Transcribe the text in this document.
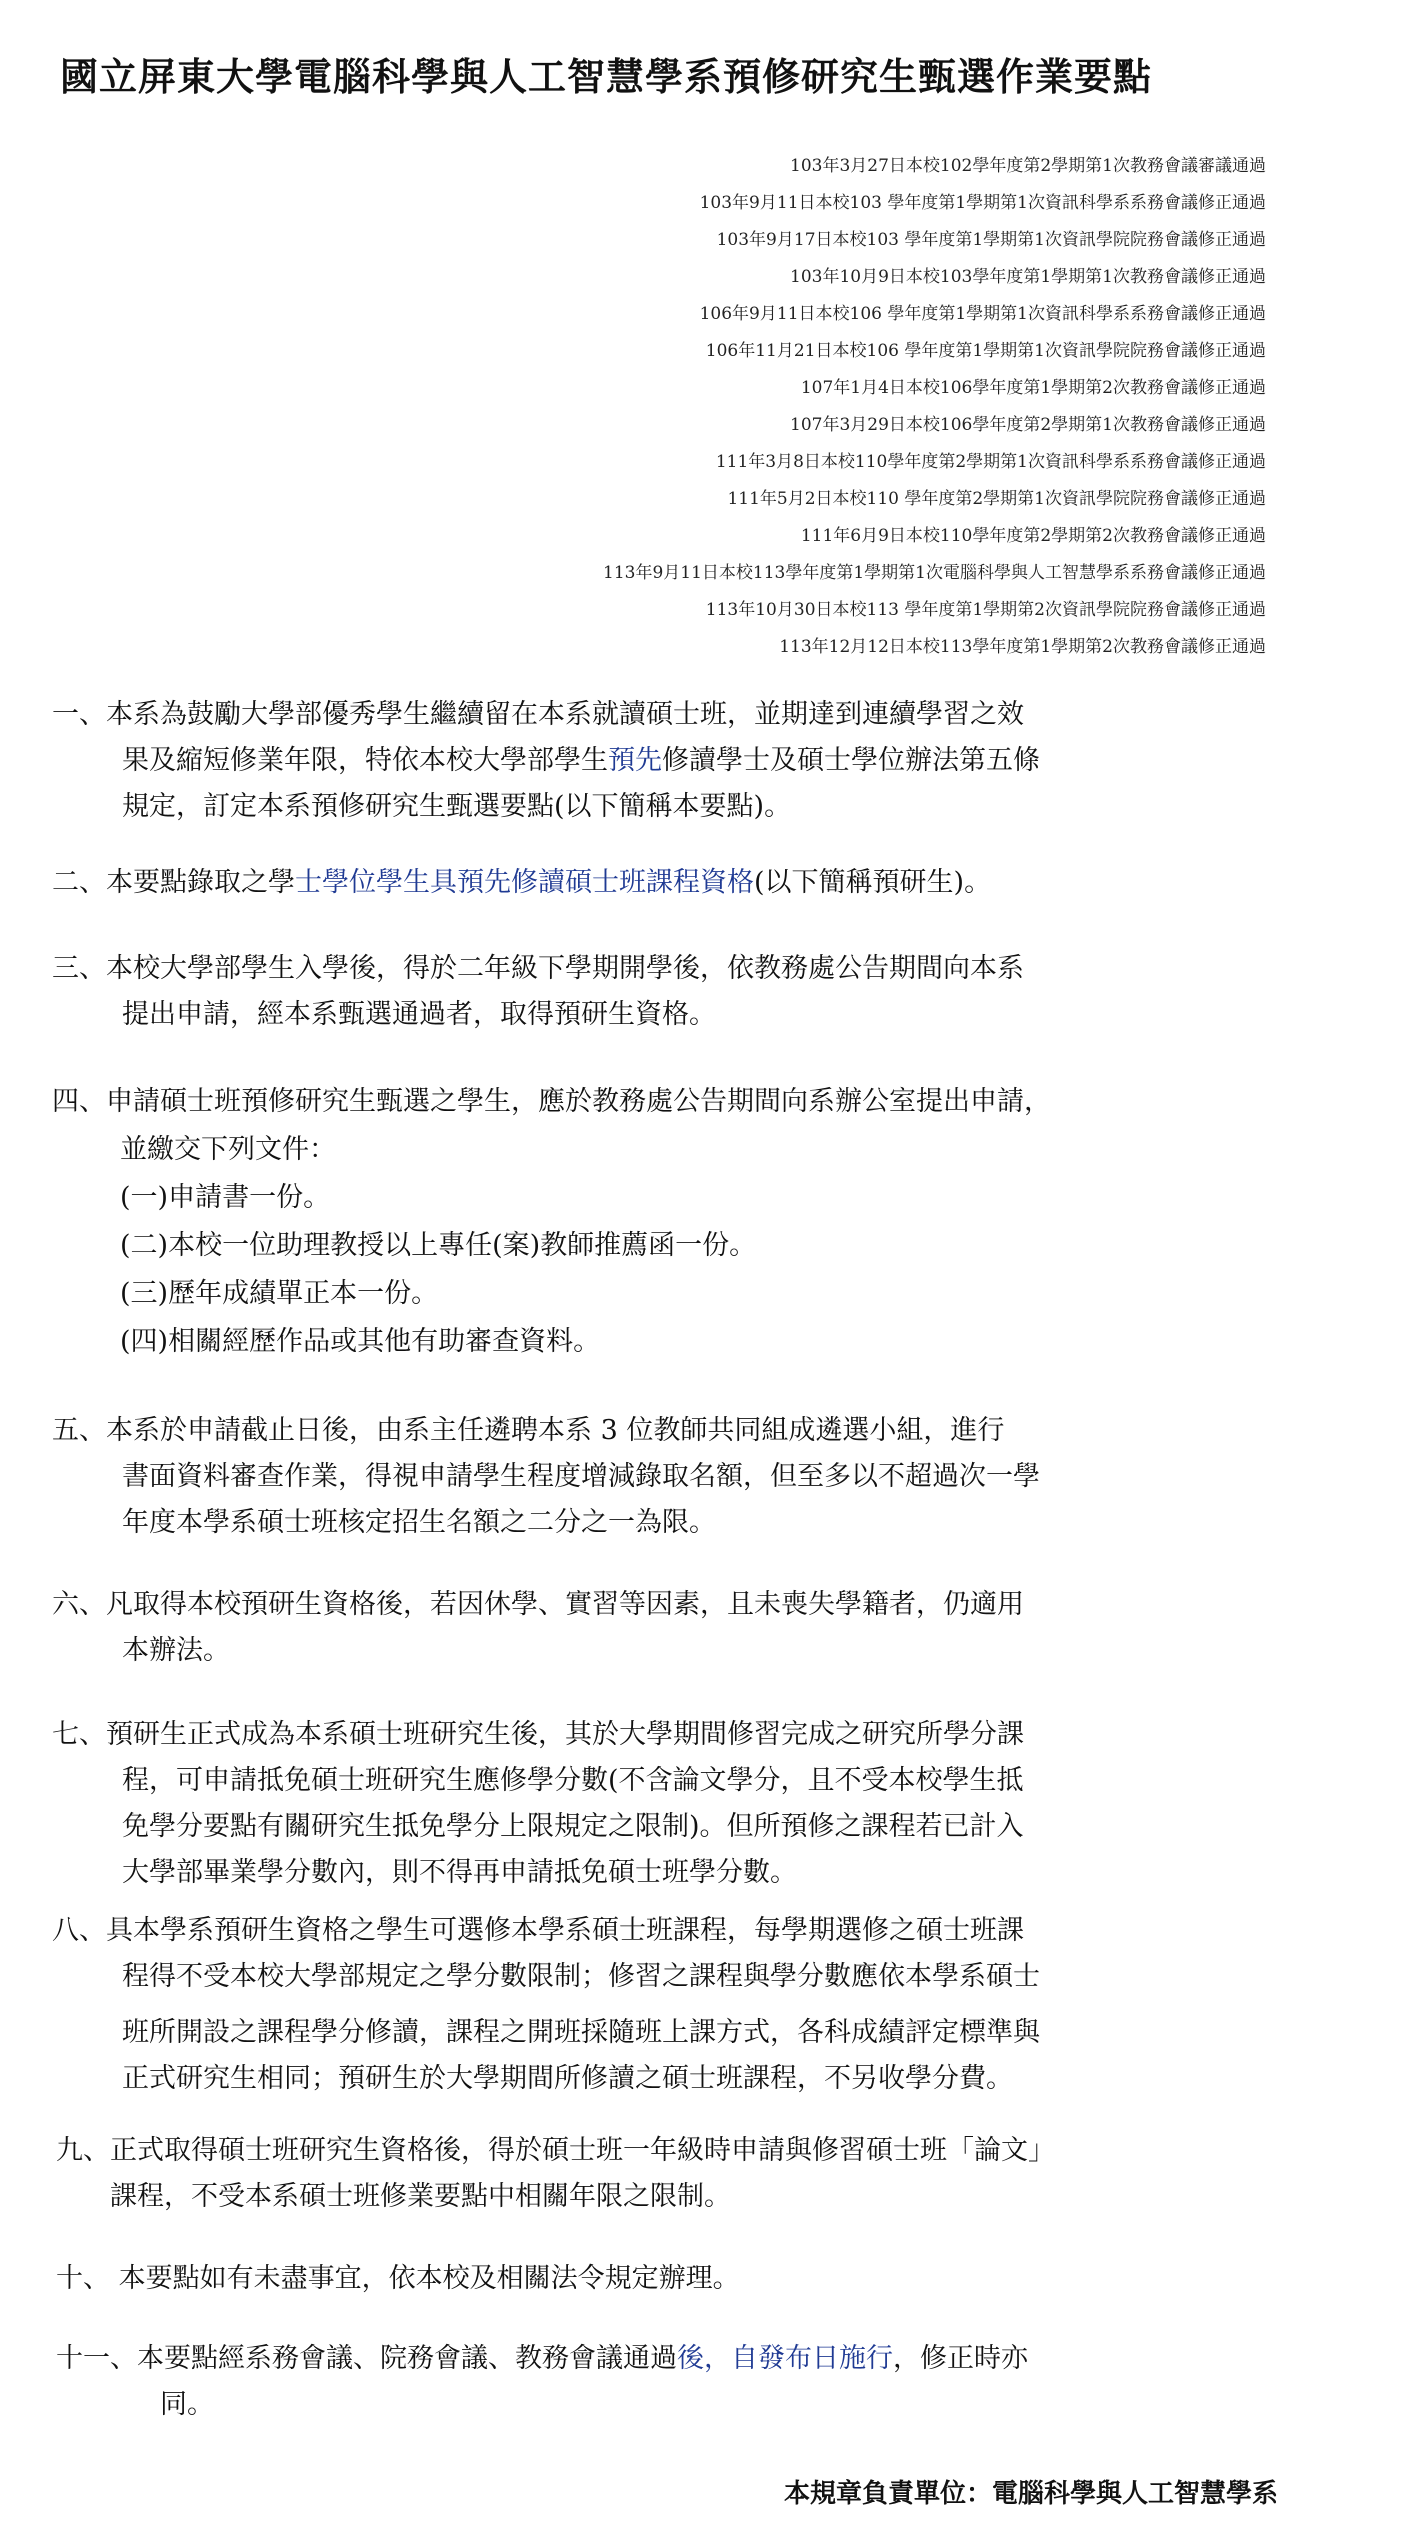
國立屏東大學電腦科學與人工智慧學系預修研究生甄選作業要點
103年3月27日本校102學年度第2學期第1次教務會議審議通過
103年9月11日本校103 學年度第1學期第1次資訊科學系系務會議修正通過
103年9月17日本校103 學年度第1學期第1次資訊學院院務會議修正通過
103年10月9日本校103學年度第1學期第1次教務會議修正通過
106年9月11日本校106 學年度第1學期第1次資訊科學系系務會議修正通過
106年11月21日本校106 學年度第1學期第1次資訊學院院務會議修正通過
107年1月4日本校106學年度第1學期第2次教務會議修正通過
107年3月29日本校106學年度第2學期第1次教務會議修正通過
111年3月8日本校110學年度第2學期第1次資訊科學系系務會議修正通過
111年5月2日本校110 學年度第2學期第1次資訊學院院務會議修正通過
111年6月9日本校110學年度第2學期第2次教務會議修正通過
113年9月11日本校113學年度第1學期第1次電腦科學與人工智慧學系系務會議修正通過
113年10月30日本校113 學年度第1學期第2次資訊學院院務會議修正通過
113年12月12日本校113學年度第1學期第2次教務會議修正通過
一、本系為鼓勵大學部優秀學生繼續留在本系就讀碩士班，並期達到連續學習之效
果及縮短修業年限，特依本校大學部學生預先修讀學士及碩士學位辦法第五條
規定，訂定本系預修研究生甄選要點(以下簡稱本要點)。
二、本要點錄取之學士學位學生具預先修讀碩士班課程資格(以下簡稱預研生)。
三、本校大學部學生入學後，得於二年級下學期開學後，依教務處公告期間向本系
提出申請，經本系甄選通過者，取得預研生資格。
四、申請碩士班預修研究生甄選之學生，應於教務處公告期間向系辦公室提出申請，
並繳交下列文件：
(一)申請書一份。
(二)本校一位助理教授以上專任(案)教師推薦函一份。
(三)歷年成績單正本一份。
(四)相關經歷作品或其他有助審查資料。
五、本系於申請截止日後，由系主任遴聘本系 3 位教師共同組成遴選小組，進行
書面資料審查作業，得視申請學生程度增減錄取名額，但至多以不超過次一學
年度本學系碩士班核定招生名額之二分之一為限。
六、凡取得本校預研生資格後，若因休學、實習等因素，且未喪失學籍者，仍適用
本辦法。
七、預研生正式成為本系碩士班研究生後，其於大學期間修習完成之研究所學分課
程，可申請抵免碩士班研究生應修學分數(不含論文學分，且不受本校學生抵
免學分要點有關研究生抵免學分上限規定之限制)。但所預修之課程若已計入
大學部畢業學分數內，則不得再申請抵免碩士班學分數。
八、具本學系預研生資格之學生可選修本學系碩士班課程，每學期選修之碩士班課
程得不受本校大學部規定之學分數限制；修習之課程與學分數應依本學系碩士
班所開設之課程學分修讀，課程之開班採隨班上課方式，各科成績評定標準與
正式研究生相同；預研生於大學期間所修讀之碩士班課程，不另收學分費。
九、正式取得碩士班研究生資格後，得於碩士班一年級時申請與修習碩士班「論文」
課程，不受本系碩士班修業要點中相關年限之限制。
十、 本要點如有未盡事宜，依本校及相關法令規定辦理。
十一、本要點經系務會議、院務會議、教務會議通過後，自發布日施行，修正時亦
同。
本規章負責單位：電腦科學與人工智慧學系
